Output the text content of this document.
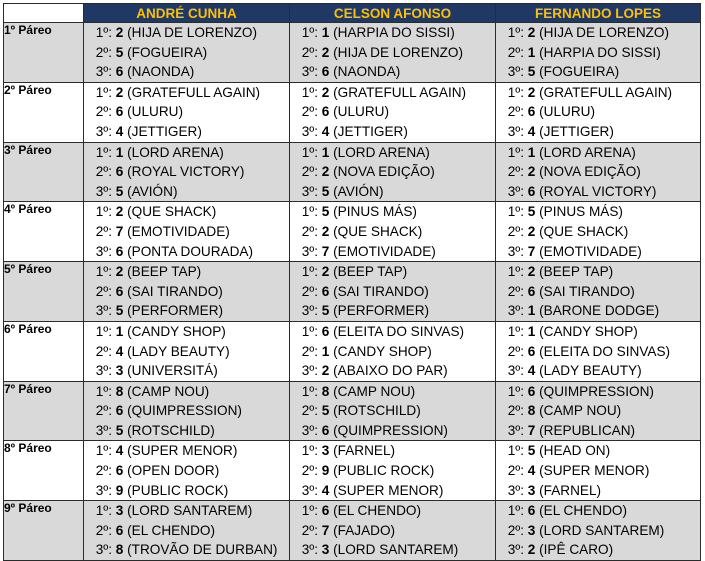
	ANDRÉ CUNHA	CELSON AFONSO	FERNANDO LOPES
1º Páreo	1º: 2 (HIJA DE LORENZO)
2º: 5 (FOGUEIRA)
3º: 6 (NAONDA)	1º: 1 (HARPIA DO SISSI)
2º: 2 (HIJA DE LORENZO)
3º: 6 (NAONDA)	1º: 2 (HIJA DE LORENZO)
2º: 1 (HARPIA DO SISSI)
3º: 5 (FOGUEIRA)

2º Páreo	1º: 2 (GRATEFULL AGAIN)
2º: 6 (ULURU)
3º: 4 (JETTIGER)	1º: 2 (GRATEFULL AGAIN)
2º: 6 (ULURU)
3º: 4 (JETTIGER)	1º: 2 (GRATEFULL AGAIN)
2º: 6 (ULURU)
3º: 4 (JETTIGER)

3º Páreo	1º: 1 (LORD ARENA)
2º: 6 (ROYAL VICTORY)
3º: 5 (AVIÓN)	1º: 1 (LORD ARENA)
2º: 2 (NOVA EDIÇÃO)
3º: 5 (AVIÓN)	1º: 1 (LORD ARENA)
2º: 2 (NOVA EDIÇÃO)
3º: 6 (ROYAL VICTORY)

4º Páreo	1º: 2 (QUE SHACK)
2º: 7 (EMOTIVIDADE)
3º: 6 (PONTA DOURADA)	1º: 5 (PINUS MÁS)
2º: 2 (QUE SHACK)
3º: 7 (EMOTIVIDADE)	1º: 5 (PINUS MÁS)
2º: 2 (QUE SHACK)
3º: 7 (EMOTIVIDADE)

5º Páreo	1º: 2 (BEEP TAP)
2º: 6 (SAI TIRANDO)
3º: 5 (PERFORMER)	1º: 2 (BEEP TAP)
2º: 6 (SAI TIRANDO)
3º: 5 (PERFORMER)	1º: 2 (BEEP TAP)
2º: 6 (SAI TIRANDO)
3º: 1 (BARONE DODGE)

6º Páreo	1º: 1 (CANDY SHOP)
2º: 4 (LADY BEAUTY)
3º: 3 (UNIVERSITÁ)	1º: 6 (ELEITA DO SINVAS)
2º: 1 (CANDY SHOP)
3º: 2 (ABAIXO DO PAR)	1º: 1 (CANDY SHOP)
2º: 6 (ELEITA DO SINVAS)
3º: 4 (LADY BEAUTY)

7º Páreo	1º: 8 (CAMP NOU)
2º: 6 (QUIMPRESSION)
3º: 5 (ROTSCHILD)	1º: 8 (CAMP NOU)
2º: 5 (ROTSCHILD)
3º: 6 (QUIMPRESSION)	1º: 6 (QUIMPRESSION)
2º: 8 (CAMP NOU)
3º: 7 (REPUBLICAN)

8º Páreo	1º: 4 (SUPER MENOR)
2º: 6 (OPEN DOOR)
3º: 9 (PUBLIC ROCK)	1º: 3 (FARNEL)
2º: 9 (PUBLIC ROCK)
3º: 4 (SUPER MENOR)	1º: 5 (HEAD ON)
2º: 4 (SUPER MENOR)
3º: 3 (FARNEL)

9º Páreo	1º: 3 (LORD SANTAREM)
2º: 6 (EL CHENDO)
3º: 8 (TROVÃO DE DURBAN)	1º: 6 (EL CHENDO)
2º: 7 (FAJADO)
3º: 3 (LORD SANTAREM)	1º: 6 (EL CHENDO)
2º: 3 (LORD SANTAREM)
3º: 2 (IPÊ CARO)
